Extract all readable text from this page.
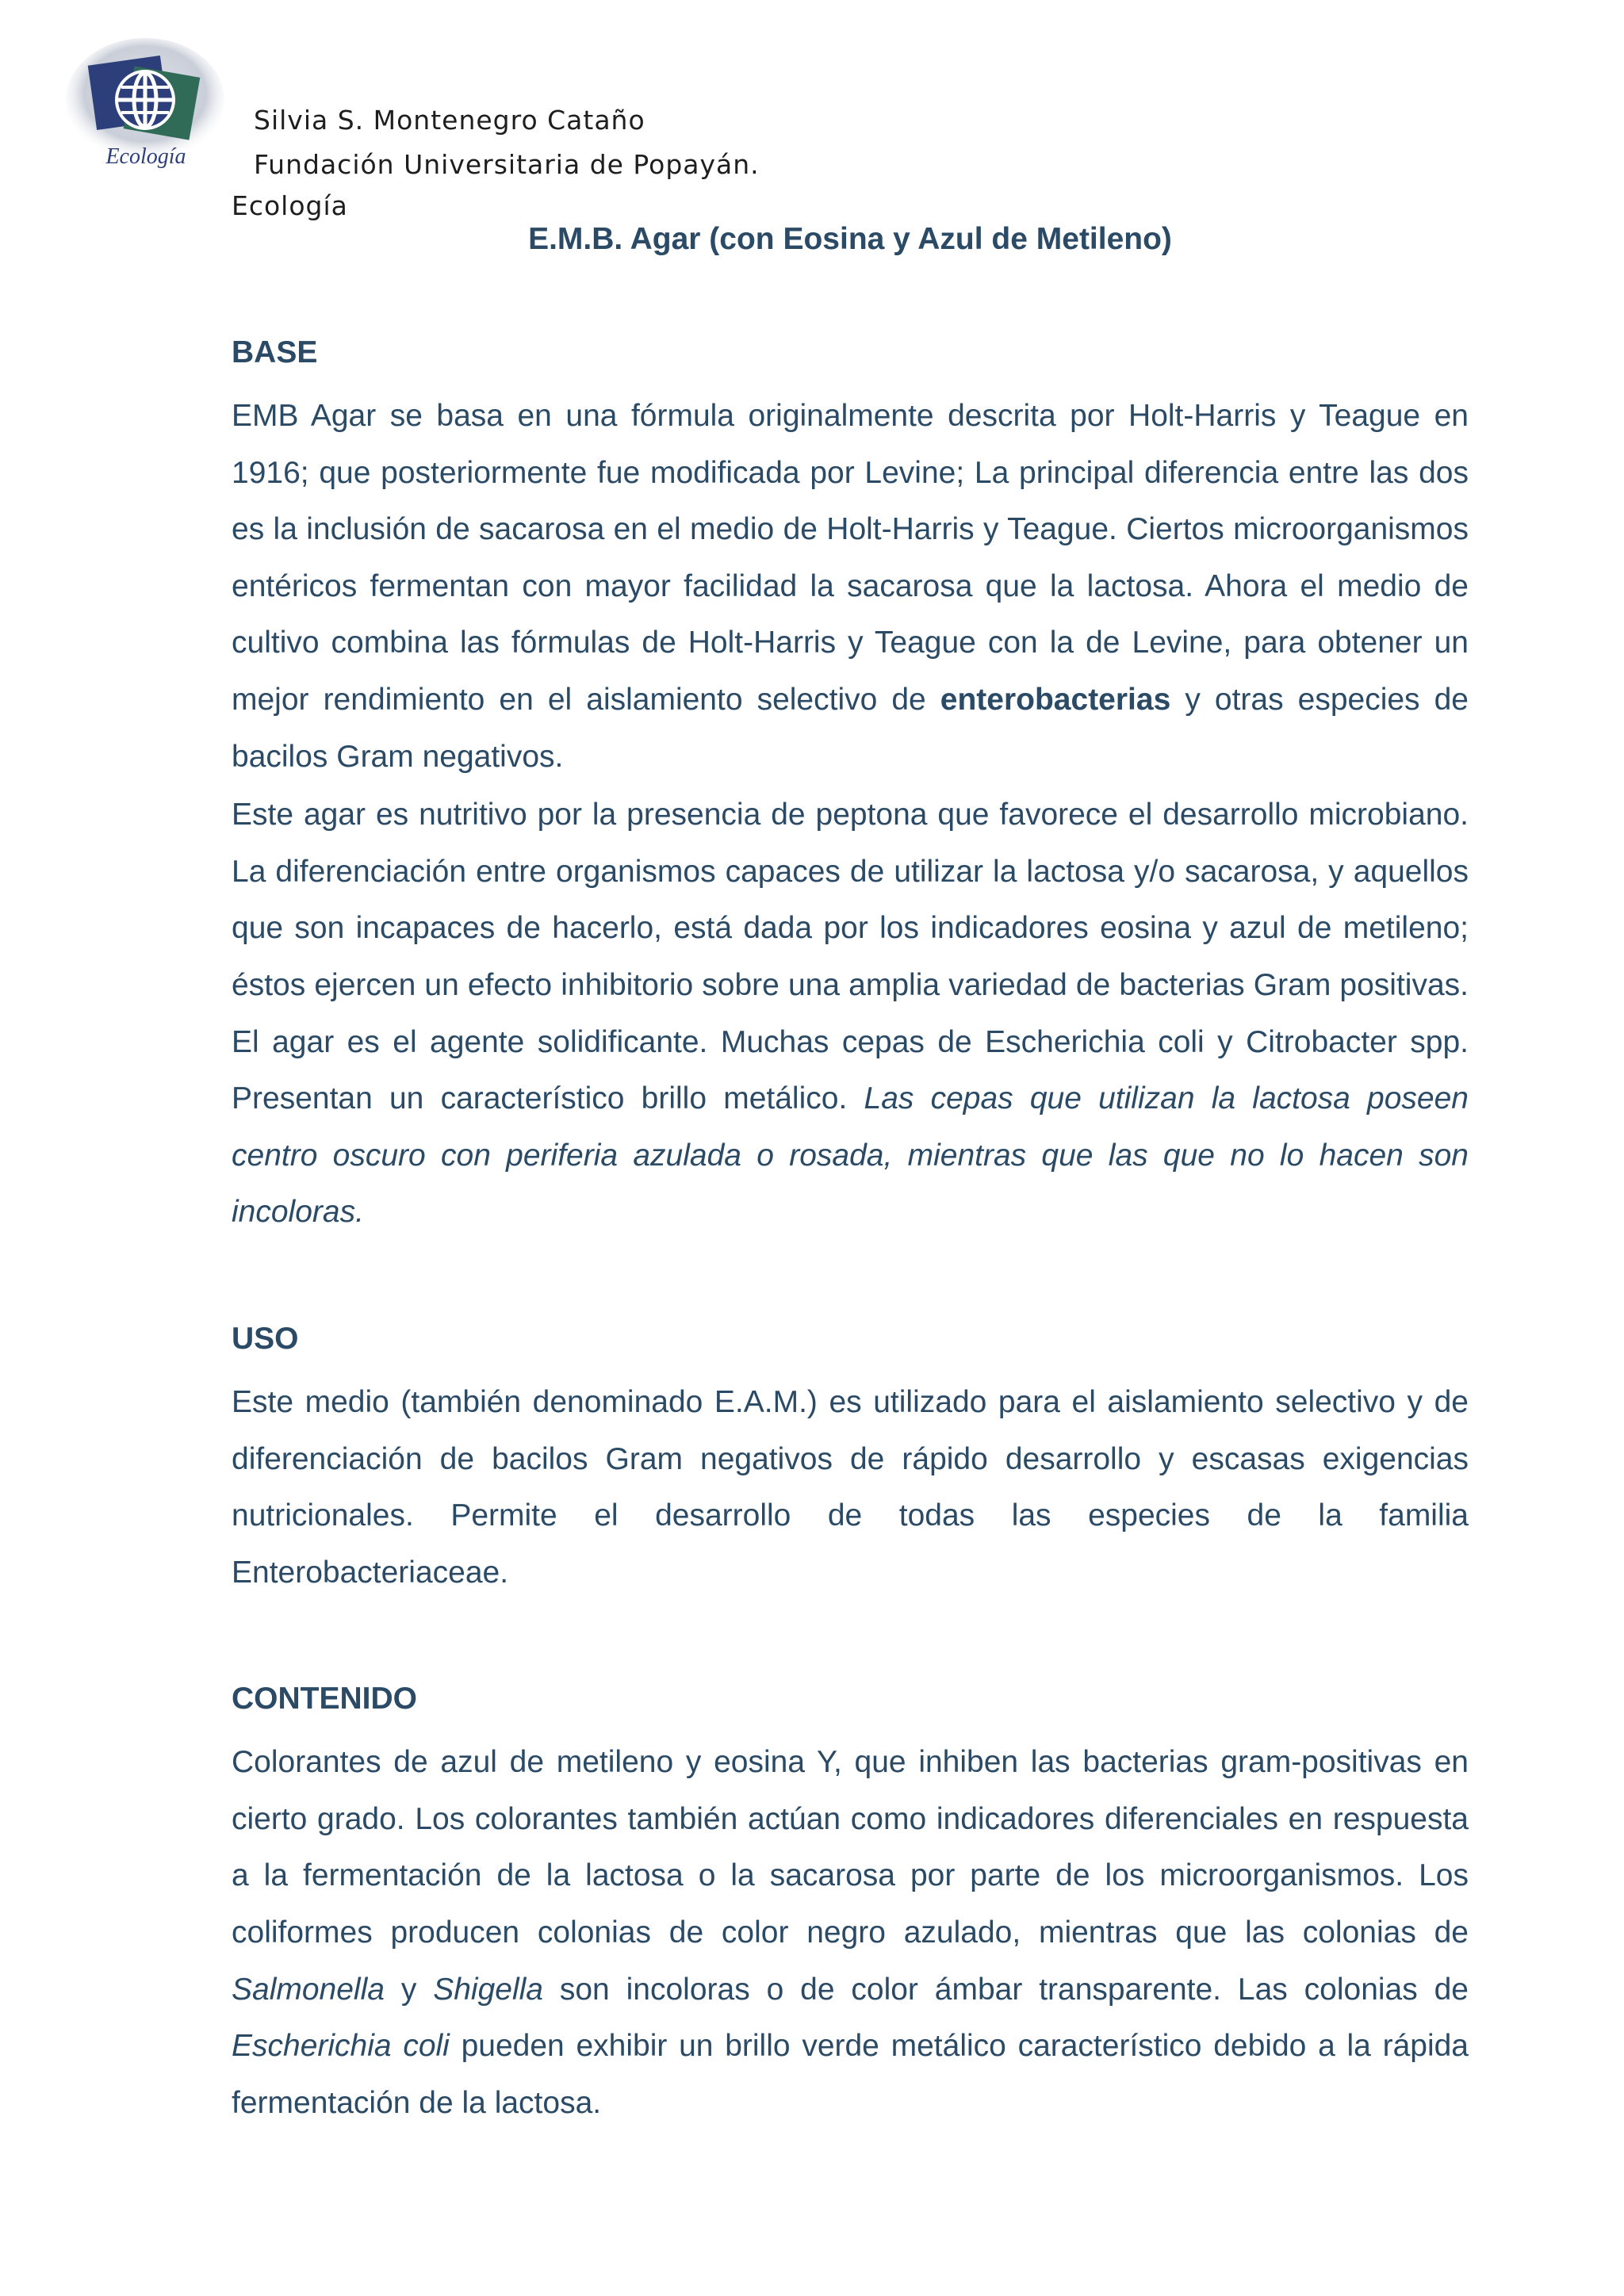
Ecología
Silvia S. Montenegro Cataño
Fundación Universitaria de Popayán.
Ecología
E.M.B. Agar (con Eosina y Azul de Metileno)
BASE

EMB Agar se basa en una fórmula originalmente descrita por Holt-Harris y Teague en 1916; que posteriormente fue modificada por Levine; La principal diferencia entre las dos es la inclusión de sacarosa en el medio de Holt-Harris y Teague. Ciertos microorganismos entéricos fermentan con mayor facilidad la sacarosa que la lactosa. Ahora el medio de cultivo combina las fórmulas de Holt-Harris y Teague con la de Levine, para obtener un mejor rendimiento en el aislamiento selectivo de enterobacterias y otras especies de bacilos Gram negativos.

Este agar es nutritivo por la presencia de peptona que favorece el desarrollo microbiano. La diferenciación entre organismos capaces de utilizar la lactosa y/o sacarosa, y aquellos que son incapaces de hacerlo, está dada por los indicadores eosina y azul de metileno; éstos ejercen un efecto inhibitorio sobre una amplia variedad de bacterias Gram positivas. El agar es el agente solidificante. Muchas cepas de Escherichia coli y Citrobacter spp. Presentan un característico brillo metálico. Las cepas que utilizan la lactosa poseen centro oscuro con periferia azulada o rosada, mientras que las que no lo hacen son incoloras.

USO

Este medio (también denominado E.A.M.) es utilizado para el aislamiento selectivo y de diferenciación de bacilos Gram negativos de rápido desarrollo y escasas exigencias nutricionales. Permite el desarrollo de todas las especies de la familia Enterobacteriaceae.

CONTENIDO

Colorantes de azul de metileno y eosina Y, que inhiben las bacterias gram-positivas en cierto grado. Los colorantes también actúan como indicadores diferenciales en respuesta a la fermentación de la lactosa o la sacarosa por parte de los microorganismos. Los coliformes producen colonias de color negro azulado, mientras que las colonias de Salmonella y Shigella son incoloras o de color ámbar transparente. Las colonias de Escherichia coli pueden exhibir un brillo verde metálico característico debido a la rápida fermentación de la lactosa.
